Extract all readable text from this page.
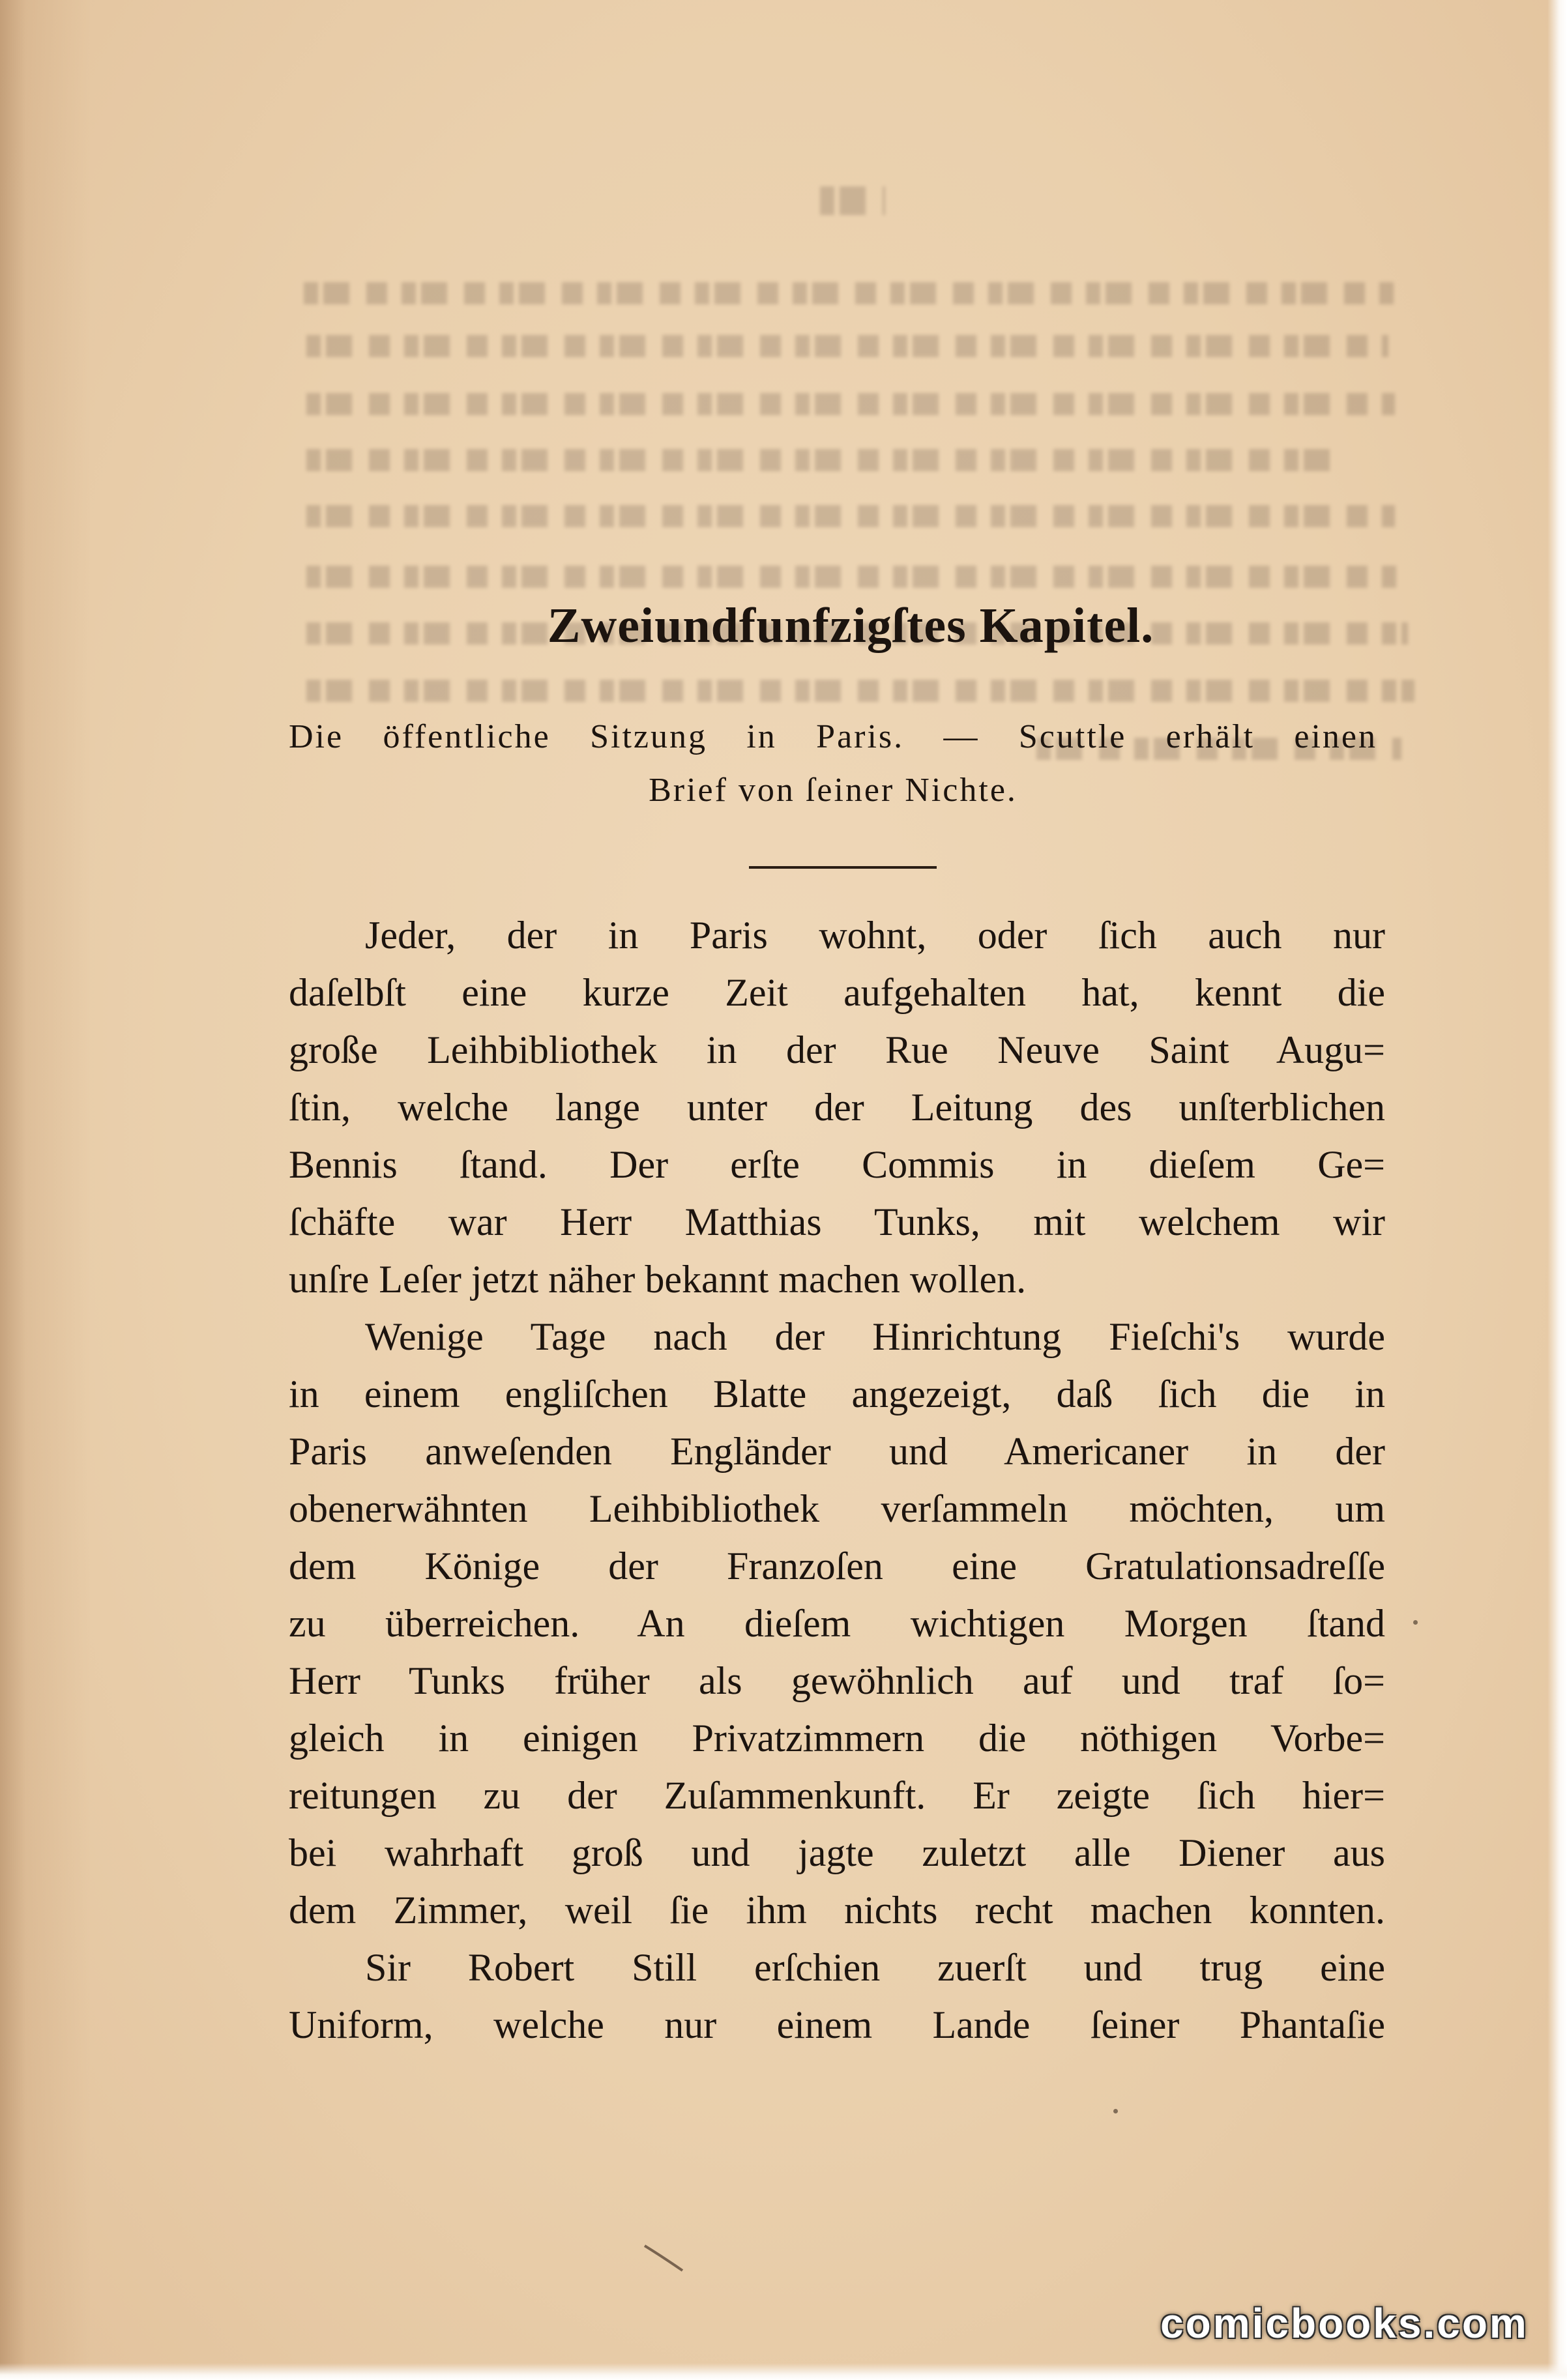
Zweiundfunfzigſtes Kapitel.
Die öffentliche Sitzung in Paris. — Scuttle erhält einen
Brief von ſeiner Nichte.
Jeder, der in Paris wohnt, oder ſich auch nur
daſelbſt eine kurze Zeit aufgehalten hat, kennt die
große Leihbibliothek in der Rue Neuve Saint Augu=
ſtin, welche lange unter der Leitung des unſterblichen
Bennis ſtand. Der erſte Commis in dieſem Ge=
ſchäfte war Herr Matthias Tunks, mit welchem wir
unſre Leſer jetzt näher bekannt machen wollen.
Wenige Tage nach der Hinrichtung Fieſchi's wurde
in einem engliſchen Blatte angezeigt, daß ſich die in
Paris anweſenden Engländer und Americaner in der
obenerwähnten Leihbibliothek verſammeln möchten, um
dem Könige der Franzoſen eine Gratulationsadreſſe
zu überreichen. An dieſem wichtigen Morgen ſtand
Herr Tunks früher als gewöhnlich auf und traf ſo=
gleich in einigen Privatzimmern die nöthigen Vorbe=
reitungen zu der Zuſammenkunft. Er zeigte ſich hier=
bei wahrhaft groß und jagte zuletzt alle Diener aus
dem Zimmer, weil ſie ihm nichts recht machen konnten.
Sir Robert Still erſchien zuerſt und trug eine
Uniform, welche nur einem Lande ſeiner Phantaſie
comicbooks.com
